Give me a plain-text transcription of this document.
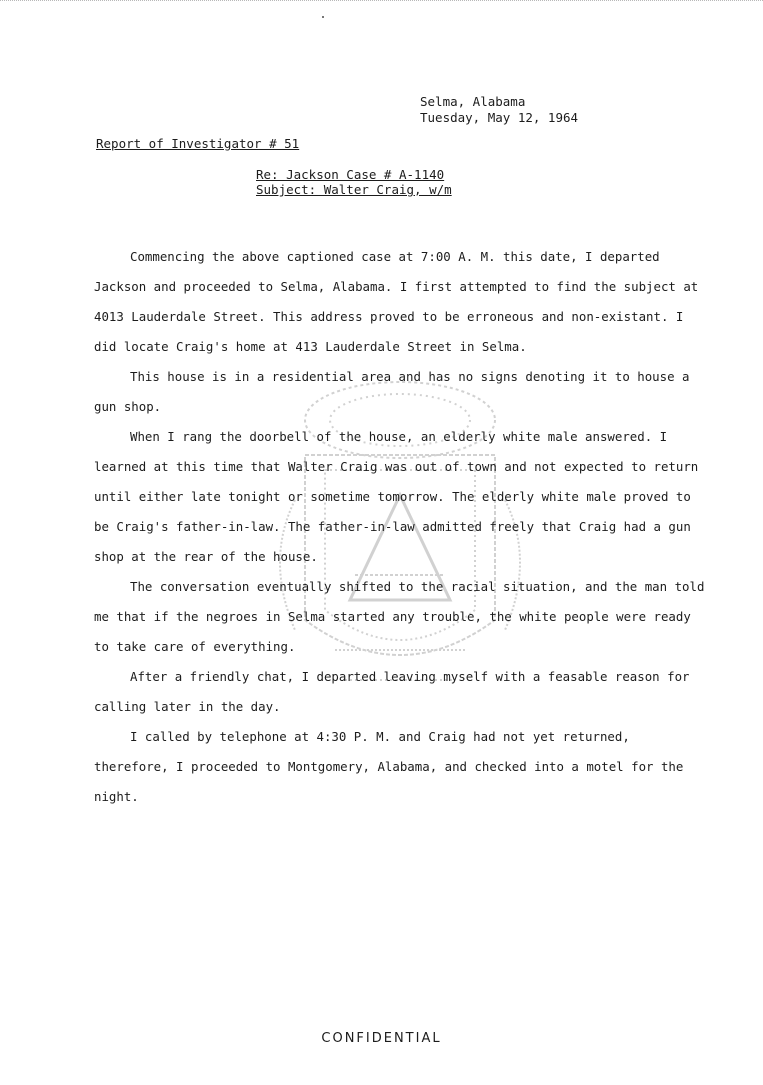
Selma, Alabama
Tuesday, May 12, 1964
Report of Investigator # 51
Re: Jackson Case # A-1140
Subject: Walter Craig, w/m

Commencing the above captioned case at 7:00 A. M. this date, I departed Jackson and proceeded to Selma, Alabama. I first attempted to find the subject at 4013 Lauderdale Street. This address proved to be erroneous and non-existant. I did locate Craig's home at 413 Lauderdale Street in Selma.

This house is in a residential area and has no signs denoting it to house a gun shop.

When I rang the doorbell of the house, an elderly white male answered. I learned at this time that Walter Craig was out of town and not expected to return until either late tonight or sometime tomorrow. The elderly white male proved to be Craig's father-in-law. The father-in-law admitted freely that Craig had a gun shop at the rear of the house.

The conversation eventually shifted to the racial situation, and the man told me that if the negroes in Selma started any trouble, the white people were ready to take care of everything.

After a friendly chat, I departed leaving myself with a feasable reason for calling later in the day.

I called by telephone at 4:30 P. M. and Craig had not yet returned, therefore, I proceeded to Montgomery, Alabama, and checked into a motel for the night.

CONFIDENTIAL
